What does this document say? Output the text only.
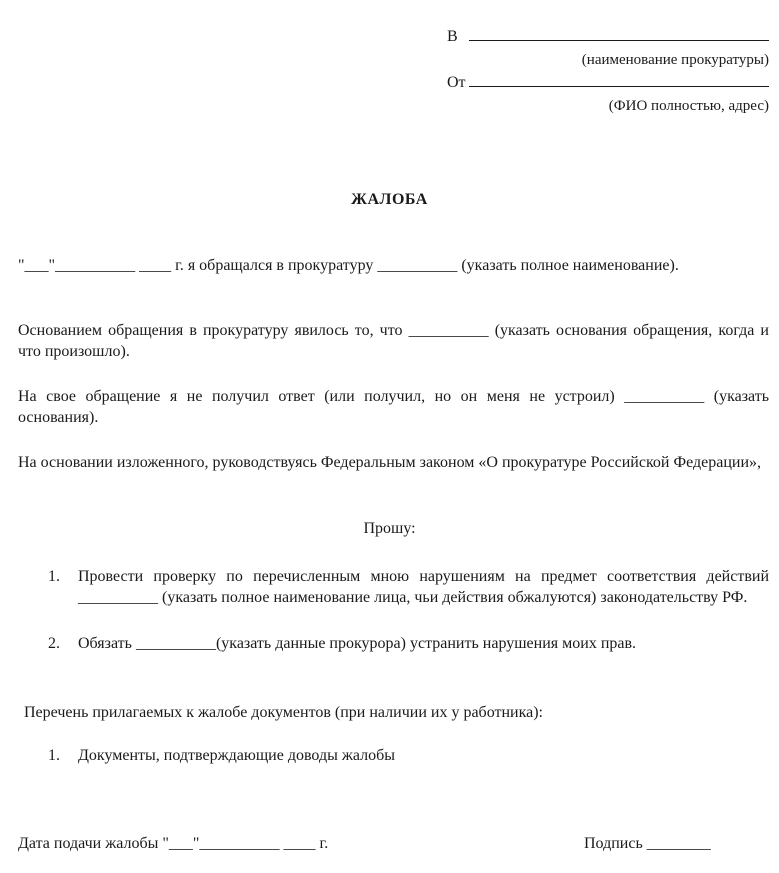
В
(наименование прокуратуры)
От
(ФИО полностью, адрес)
ЖАЛОБА
"___"__________ ____ г. я обращался в прокуратуру __________ (указать полное наименование).
Основанием обращения в прокуратуру явилось то, что __________ (указать основания обращения, когда и что произошло).
На свое обращение я не получил ответ (или получил, но он меня не устроил) __________ (указать основания).
На основании изложенного, руководствуясь Федеральным законом «О прокуратуре Российской Федерации»,
Прошу:
1. Провести проверку по перечисленным мною нарушениям на предмет соответствия действий __________ (указать полное наименование лица, чьи действия обжалуются) законодательству РФ.
2. Обязать __________(указать данные прокурора) устранить нарушения моих прав.
Перечень прилагаемых к жалобе документов (при наличии их у работника):
1. Документы, подтверждающие доводы жалобы
Дата подачи жалобы "___"__________ ____ г.	Подпись ________
